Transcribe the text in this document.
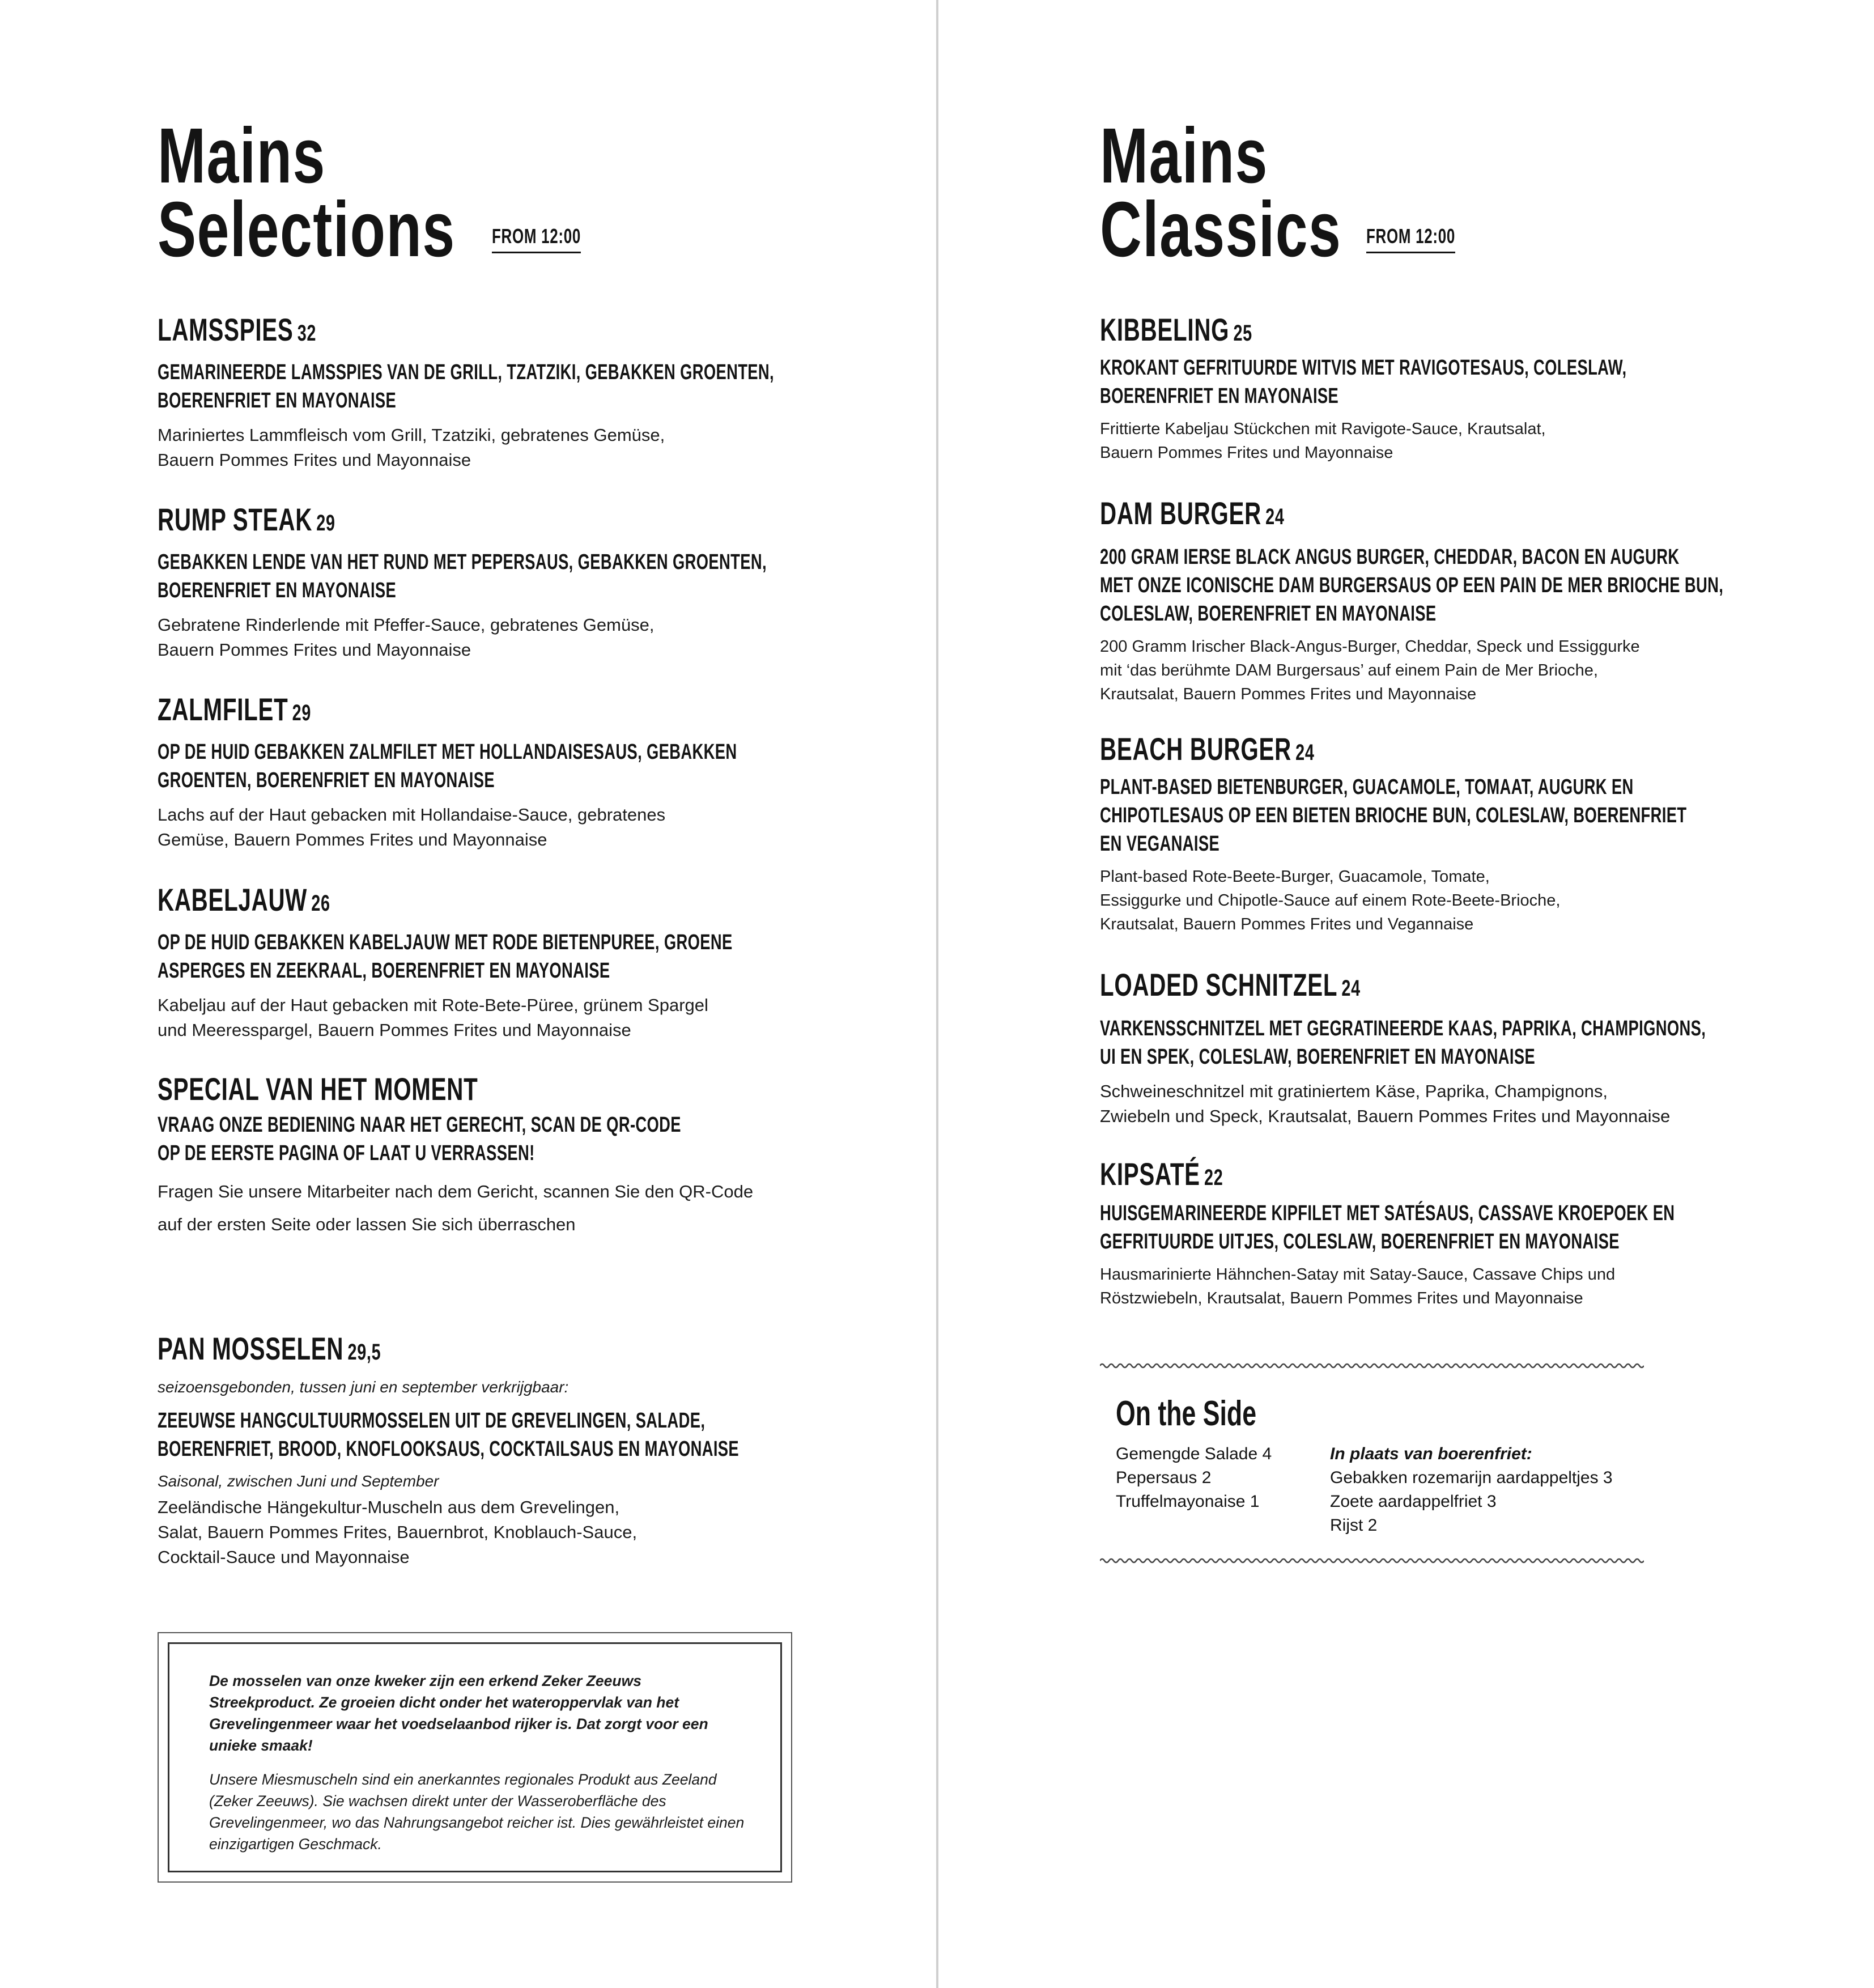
Mains
Selections FROM 12:00
LAMSSPIES 32
GEMARINEERDE LAMSSPIES VAN DE GRILL, TZATZIKI, GEBAKKEN GROENTEN,
BOERENFRIET EN MAYONAISE
Mariniertes Lammfleisch vom Grill, Tzatziki, gebratenes Gemüse,
Bauern Pommes Frites und Mayonnaise
RUMP STEAK 29
GEBAKKEN LENDE VAN HET RUND MET PEPERSAUS, GEBAKKEN GROENTEN,
BOERENFRIET EN MAYONAISE
Gebratene Rinderlende mit Pfeffer-Sauce, gebratenes Gemüse,
Bauern Pommes Frites und Mayonnaise
ZALMFILET 29
OP DE HUID GEBAKKEN ZALMFILET MET HOLLANDAISESAUS, GEBAKKEN
GROENTEN, BOERENFRIET EN MAYONAISE
Lachs auf der Haut gebacken mit Hollandaise-Sauce, gebratenes
Gemüse, Bauern Pommes Frites und Mayonnaise
KABELJAUW 26
OP DE HUID GEBAKKEN KABELJAUW MET RODE BIETENPUREE, GROENE
ASPERGES EN ZEEKRAAL, BOERENFRIET EN MAYONAISE
Kabeljau auf der Haut gebacken mit Rote-Bete-Püree, grünem Spargel
und Meeresspargel, Bauern Pommes Frites und Mayonnaise
SPECIAL VAN HET MOMENT
VRAAG ONZE BEDIENING NAAR HET GERECHT, SCAN DE QR-CODE
OP DE EERSTE PAGINA OF LAAT U VERRASSEN!
Fragen Sie unsere Mitarbeiter nach dem Gericht, scannen Sie den QR-Code
auf der ersten Seite oder lassen Sie sich überraschen
PAN MOSSELEN 29,5
seizoensgebonden, tussen juni en september verkrijgbaar:
ZEEUWSE HANGCULTUURMOSSELEN UIT DE GREVELINGEN, SALADE,
BOERENFRIET, BROOD, KNOFLOOKSAUS, COCKTAILSAUS EN MAYONAISE
Saisonal, zwischen Juni und September
Zeeländische Hängekultur-Muscheln aus dem Grevelingen,
Salat, Bauern Pommes Frites, Bauernbrot, Knoblauch-Sauce,
Cocktail-Sauce und Mayonnaise

De mosselen van onze kweker zijn een erkend Zeker Zeeuws Streekproduct. Ze groeien dicht onder het wateroppervlak van het Grevelingenmeer waar het voedselaanbod rijker is. Dat zorgt voor een unieke smaak!

Unsere Miesmuscheln sind ein anerkanntes regionales Produkt aus Zeeland (Zeker Zeeuws). Sie wachsen direkt unter der Wasseroberfläche des Grevelingenmeer, wo das Nahrungsangebot reicher ist. Dies gewährleistet einen einzigartigen Geschmack.

Mains
Classics FROM 12:00
KIBBELING 25
KROKANT GEFRITUURDE WITVIS MET RAVIGOTESAUS, COLESLAW,
BOERENFRIET EN MAYONAISE
Frittierte Kabeljau Stückchen mit Ravigote-Sauce, Krautsalat,
Bauern Pommes Frites und Mayonnaise
DAM BURGER 24
200 GRAM IERSE BLACK ANGUS BURGER, CHEDDAR, BACON EN AUGURK
MET ONZE ICONISCHE DAM BURGERSAUS OP EEN PAIN DE MER BRIOCHE BUN,
COLESLAW, BOERENFRIET EN MAYONAISE
200 Gramm Irischer Black-Angus-Burger, Cheddar, Speck und Essiggurke
mit ‘das berühmte DAM Burgersaus’ auf einem Pain de Mer Brioche,
Krautsalat, Bauern Pommes Frites und Mayonnaise
BEACH BURGER 24
PLANT-BASED BIETENBURGER, GUACAMOLE, TOMAAT, AUGURK EN
CHIPOTLESAUS OP EEN BIETEN BRIOCHE BUN, COLESLAW, BOERENFRIET
EN VEGANAISE
Plant-based Rote-Beete-Burger, Guacamole, Tomate,
Essiggurke und Chipotle-Sauce auf einem Rote-Beete-Brioche,
Krautsalat, Bauern Pommes Frites und Vegannaise
LOADED SCHNITZEL 24
VARKENSSCHNITZEL MET GEGRATINEERDE KAAS, PAPRIKA, CHAMPIGNONS,
UI EN SPEK, COLESLAW, BOERENFRIET EN MAYONAISE
Schweineschnitzel mit gratiniertem Käse, Paprika, Champignons,
Zwiebeln und Speck, Krautsalat, Bauern Pommes Frites und Mayonnaise
KIPSATÉ 22
HUISGEMARINEERDE KIPFILET MET SATÉSAUS, CASSAVE KROEPOEK EN
GEFRITUURDE UITJES, COLESLAW, BOERENFRIET EN MAYONAISE
Hausmarinierte Hähnchen-Satay mit Satay-Sauce, Cassave Chips und
Röstzwiebeln, Krautsalat, Bauern Pommes Frites und Mayonnaise
On the Side
Gemengde Salade 4
Pepersaus 2
Truffelmayonaise 1
In plaats van boerenfriet:
Gebakken rozemarijn aardappeltjes 3
Zoete aardappelfriet 3
Rijst 2
